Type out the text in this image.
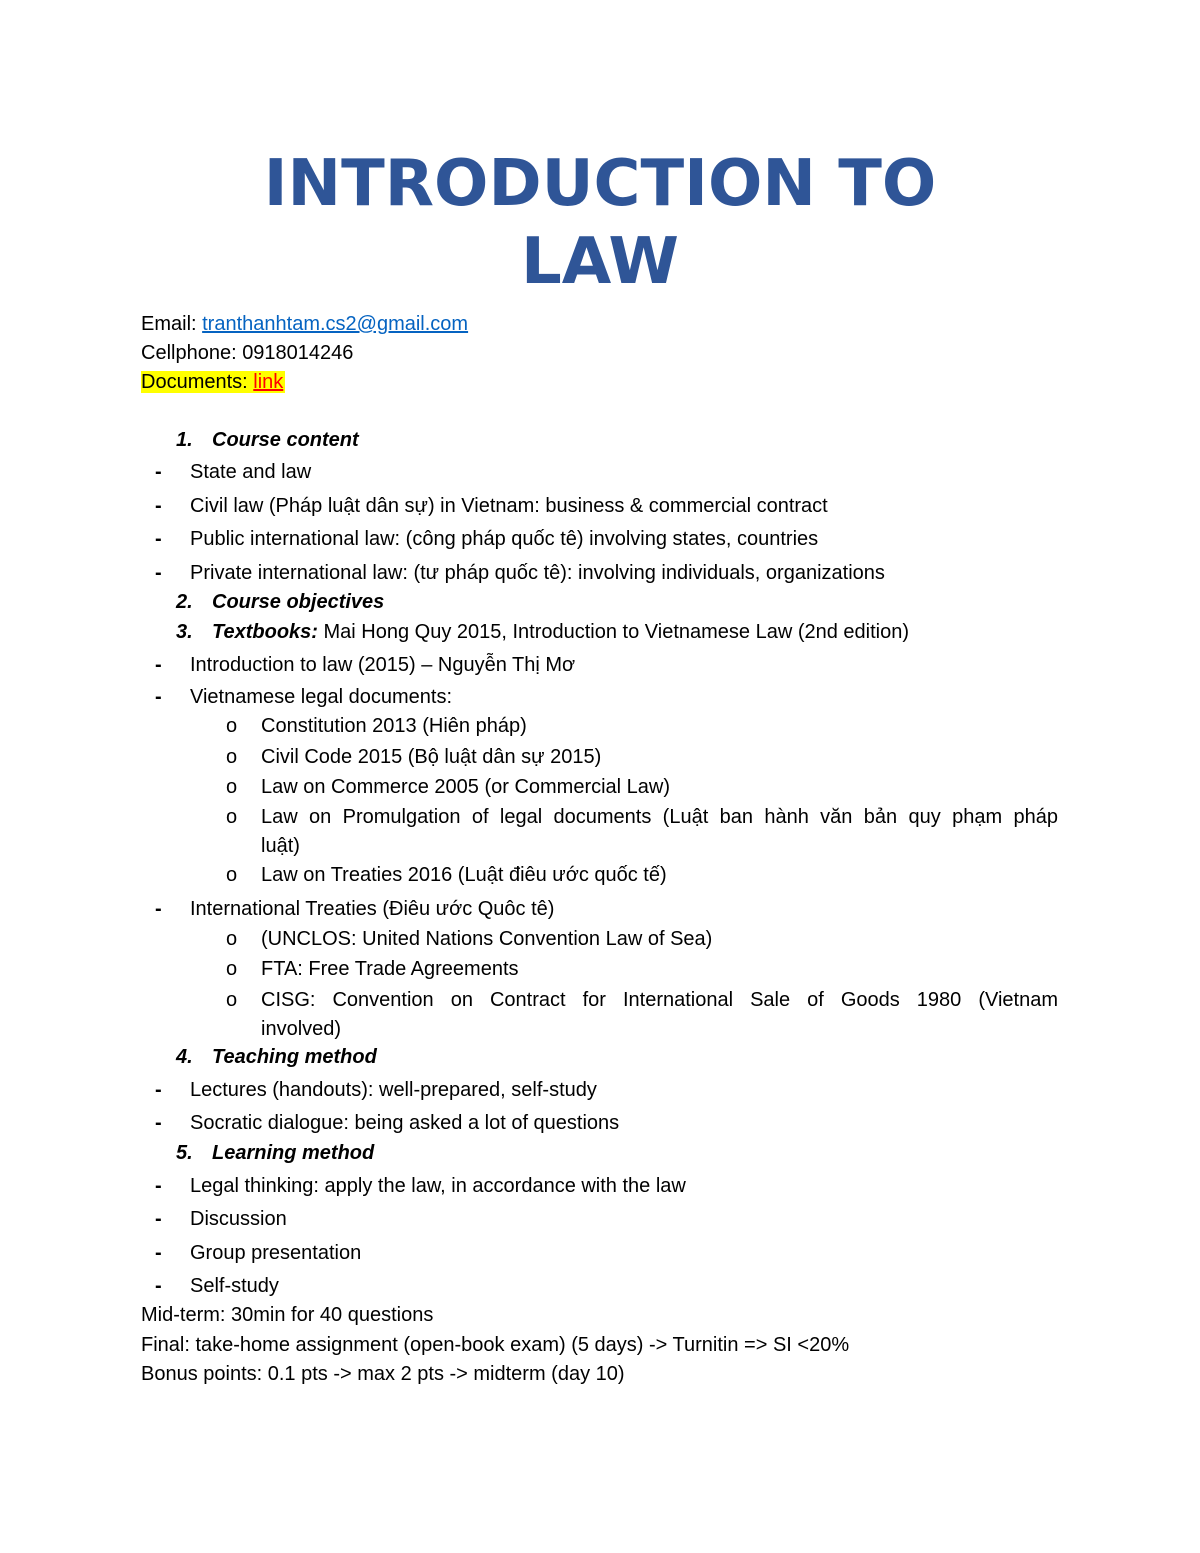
INTRODUCTION TO
LAW
Email: tranthanhtam.cs2@gmail.com
Cellphone: 0918014246
Documents: link
1. Course content
- State and law
- Civil law (Pháp luật dân sự) in Vietnam: business & commercial contract
- Public international law: (công pháp quốc tê) involving states, countries
- Private international law: (tư pháp quốc tê): involving individuals, organizations
2. Course objectives
3. Textbooks: Mai Hong Quy 2015, Introduction to Vietnamese Law (2nd edition)
- Introduction to law (2015) – Nguyễn Thị Mơ
- Vietnamese legal documents:
o Constitution 2013 (Hiên pháp)
o Civil Code 2015 (Bộ luật dân sự 2015)
o Law on Commerce 2005 (or Commercial Law)
o Law on Promulgation of legal documents (Luật ban hành văn bản quy phạm pháp
luật)
o Law on Treaties 2016 (Luật điêu ước quốc tế)
- International Treaties (Điêu ước Quôc tê)
o (UNCLOS: United Nations Convention Law of Sea)
o FTA: Free Trade Agreements
o CISG: Convention on Contract for International Sale of Goods 1980 (Vietnam
involved)
4. Teaching method
- Lectures (handouts): well-prepared, self-study
- Socratic dialogue: being asked a lot of questions
5. Learning method
- Legal thinking: apply the law, in accordance with the law
- Discussion
- Group presentation
- Self-study
Mid-term: 30min for 40 questions
Final: take-home assignment (open-book exam) (5 days) -> Turnitin => SI <20%
Bonus points: 0.1 pts -> max 2 pts -> midterm (day 10)
